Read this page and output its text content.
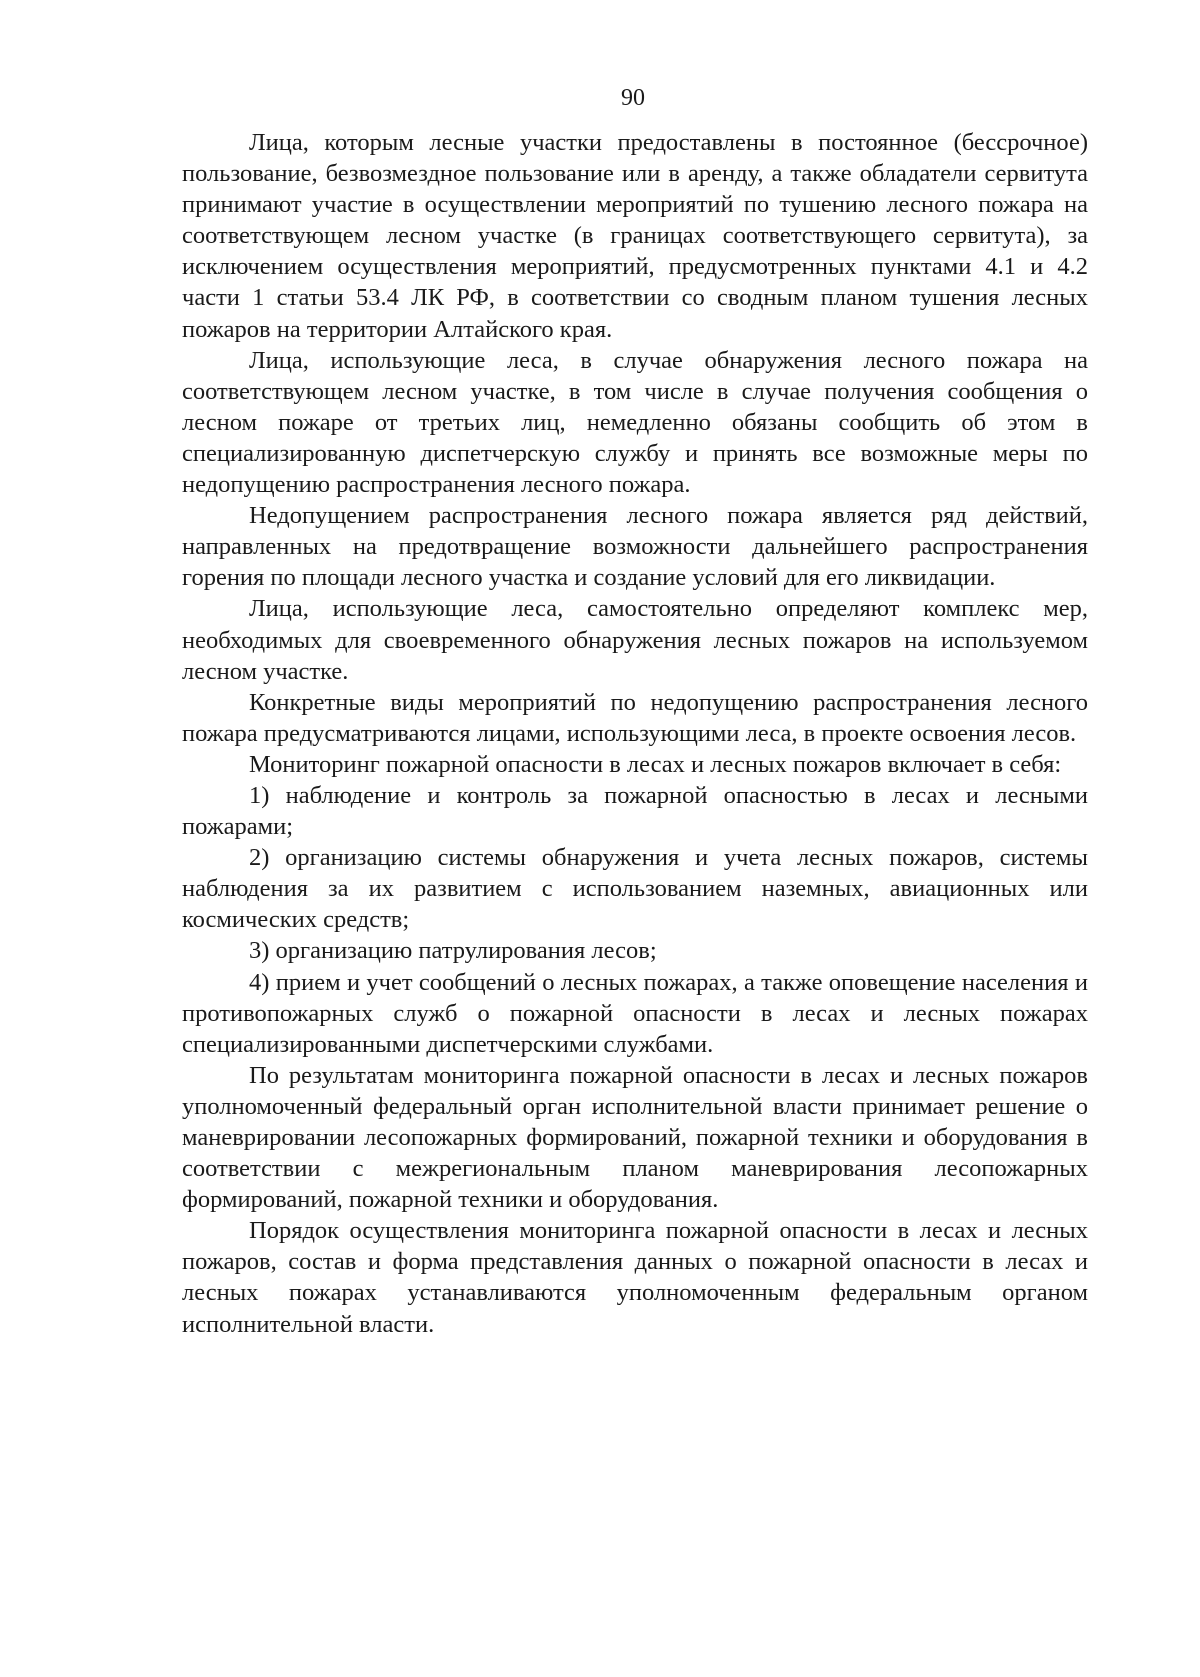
90

Лица, которым лесные участки предоставлены в постоянное (бессрочное) пользование, безвозмездное пользование или в аренду, а также обладатели сервитута принимают участие в осуществлении мероприятий по тушению лесного пожара на соответствующем лесном участке (в границах соответствующего сервитута), за исключением осуществления мероприятий, предусмотренных пунктами 4.1 и 4.2 части 1 статьи 53.4 ЛК РФ, в соответствии со сводным планом тушения лесных пожаров на территории Алтайского края.

Лица, использующие леса, в случае обнаружения лесного пожара на соответствующем лесном участке, в том числе в случае получения сообщения о лесном пожаре от третьих лиц, немедленно обязаны сообщить об этом в специализированную диспетчерскую службу и принять все возможные меры по недопущению распространения лесного пожара.

Недопущением распространения лесного пожара является ряд действий, направленных на предотвращение возможности дальнейшего распространения горения по площади лесного участка и создание условий для его ликвидации.

Лица, использующие леса, самостоятельно определяют комплекс мер, необходимых для своевременного обнаружения лесных пожаров на используемом лесном участке.

Конкретные виды мероприятий по недопущению распространения лесного пожара предусматриваются лицами, использующими леса, в проекте освоения лесов.

Мониторинг пожарной опасности в лесах и лесных пожаров включает в себя:

1) наблюдение и контроль за пожарной опасностью в лесах и лесными пожарами;

2) организацию системы обнаружения и учета лесных пожаров, системы наблюдения за их развитием с использованием наземных, авиационных или космических средств;

3) организацию патрулирования лесов;

4) прием и учет сообщений о лесных пожарах, а также оповещение населения и противопожарных служб о пожарной опасности в лесах и лесных пожарах специализированными диспетчерскими службами.

По результатам мониторинга пожарной опасности в лесах и лесных пожаров уполномоченный федеральный орган исполнительной власти принимает решение о маневрировании лесопожарных формирований, пожарной техники и оборудования в соответствии с межрегиональным планом маневрирования лесопожарных формирований, пожарной техники и оборудования.

Порядок осуществления мониторинга пожарной опасности в лесах и лесных пожаров, состав и форма представления данных о пожарной опасности в лесах и лесных пожарах устанавливаются уполномоченным федеральным органом исполнительной власти.
